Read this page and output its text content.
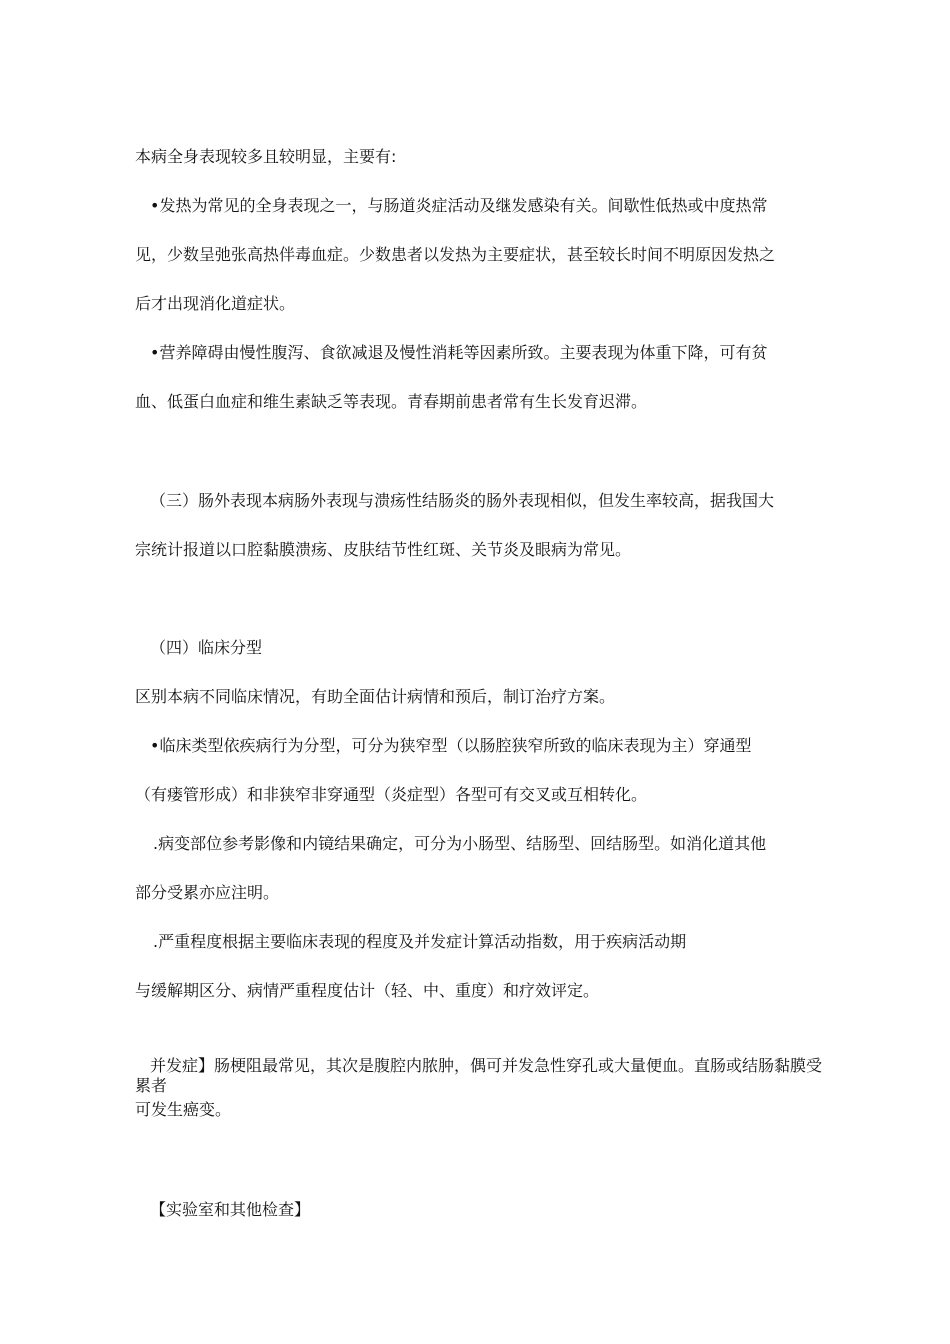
本病全身表现较多且较明显，主要有:

•发热为常见的全身表现之一，与肠道炎症活动及继发感染有关。间歇性低热或中度热常

见，少数呈弛张高热伴毒血症。少数患者以发热为主要症状，甚至较长时间不明原因发热之

后才出现消化道症状。

•营养障碍由慢性腹泻、食欲减退及慢性消耗等因素所致。主要表现为体重下降，可有贫

血、低蛋白血症和维生素缺乏等表现。青春期前患者常有生长发育迟滞。

（三）肠外表现本病肠外表现与溃疡性结肠炎的肠外表现相似，但发生率较高，据我国大

宗统计报道以口腔黏膜溃疡、皮肤结节性红斑、关节炎及眼病为常见。

（四）临床分型

区别本病不同临床情况，有助全面估计病情和预后，制订治疗方案。

•临床类型依疾病行为分型，可分为狭窄型（以肠腔狭窄所致的临床表现为主）穿通型

（有瘘管形成）和非狭窄非穿通型（炎症型）各型可有交叉或互相转化。

.病变部位参考影像和内镜结果确定，可分为小肠型、结肠型、回结肠型。如消化道其他

部分受累亦应注明。

.严重程度根据主要临床表现的程度及并发症计算活动指数，用于疾病活动期

与缓解期区分、病情严重程度估计（轻、中、重度）和疗效评定。

并发症】肠梗阻最常见，其次是腹腔内脓肿，偶可并发急性穿孔或大量便血。直肠或结肠黏膜受累者

可发生癌变。

【实验室和其他检查】
